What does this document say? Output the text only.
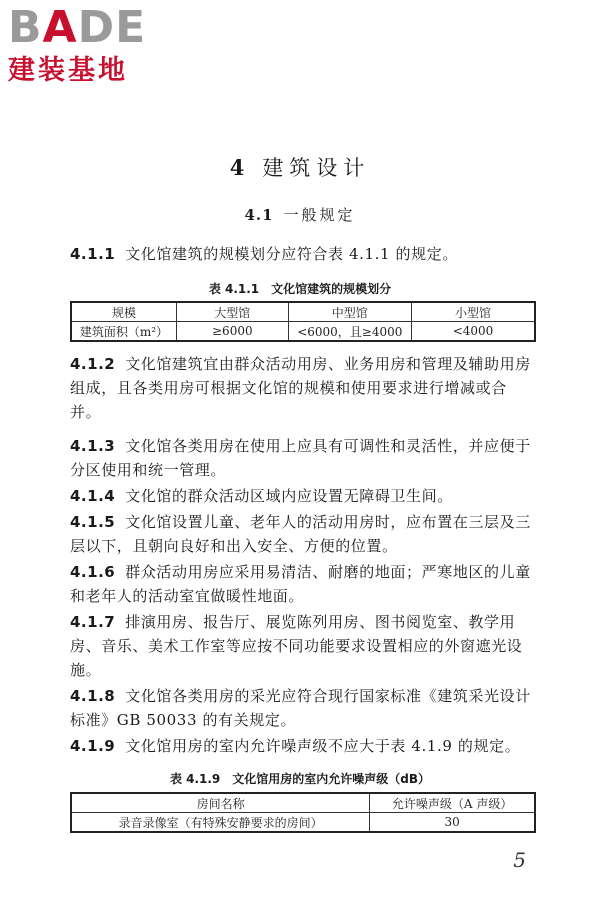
B A D E
建装基地
4 建筑设计
4.1 一般规定
4.1.1 文化馆建筑的规模划分应符合表 4.1.1 的规定。
表 4.1.1 文化馆建筑的规模划分
规模	大型馆	中型馆	小型馆
建筑面积（m²）	≥6000	<6000，且≥4000	<4000
4.1.2 文化馆建筑宜由群众活动用房、业务用房和管理及辅助用房组成，且各类用房可根据文化馆的规模和使用要求进行增减或合并。
4.1.3 文化馆各类用房在使用上应具有可调性和灵活性，并应便于分区使用和统一管理。
4.1.4 文化馆的群众活动区域内应设置无障碍卫生间。
4.1.5 文化馆设置儿童、老年人的活动用房时，应布置在三层及三层以下，且朝向良好和出入安全、方便的位置。
4.1.6 群众活动用房应采用易清洁、耐磨的地面；严寒地区的儿童和老年人的活动室宜做暖性地面。
4.1.7 排演用房、报告厅、展览陈列用房、图书阅览室、教学用房、音乐、美术工作室等应按不同功能要求设置相应的外窗遮光设施。
4.1.8 文化馆各类用房的采光应符合现行国家标准《建筑采光设计标准》GB 50033 的有关规定。
4.1.9 文化馆用房的室内允许噪声级不应大于表 4.1.9 的规定。
表 4.1.9 文化馆用房的室内允许噪声级（dB）
房间名称	允许噪声级（A 声级）
录音录像室（有特殊安静要求的房间）	30
5
